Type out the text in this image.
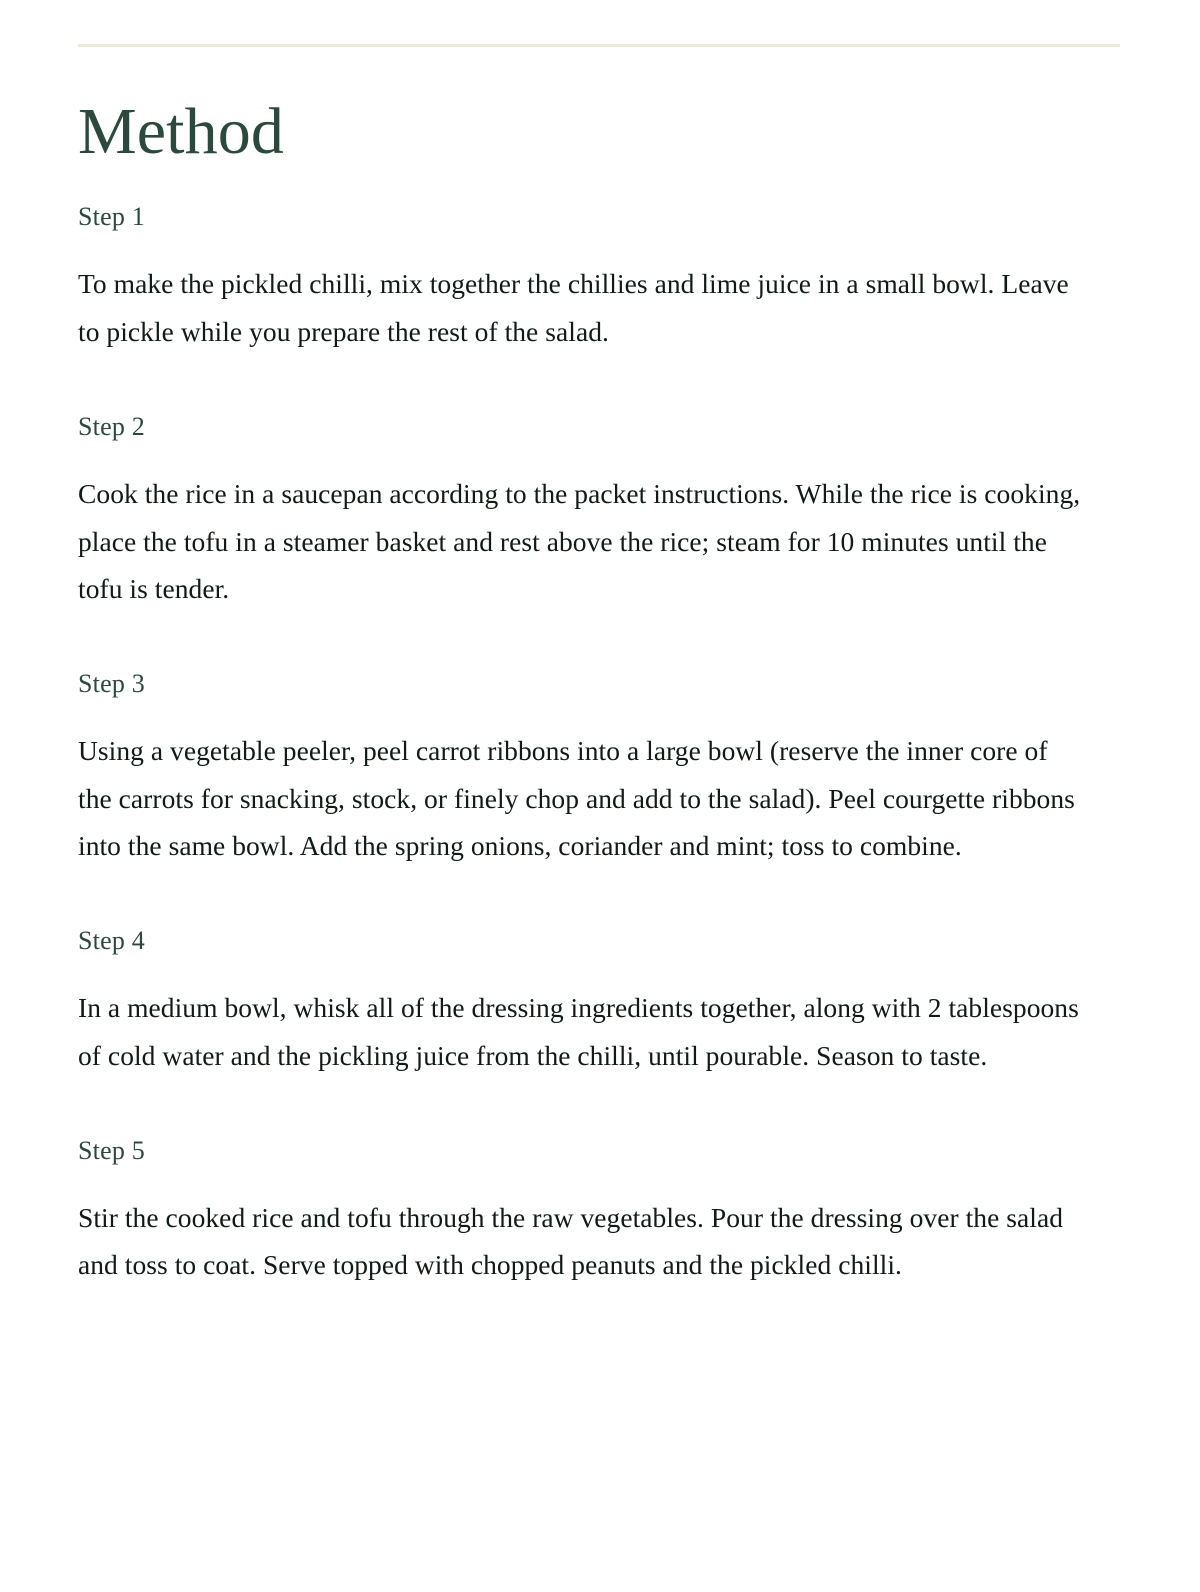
Method
Step 1

To make the pickled chilli, mix together the chillies and lime juice in a small bowl. Leave to pickle while you prepare the rest of the salad.

Step 2

Cook the rice in a saucepan according to the packet instructions. While the rice is cooking, place the tofu in a steamer basket and rest above the rice; steam for 10 minutes until the tofu is tender.

Step 3

Using a vegetable peeler, peel carrot ribbons into a large bowl (reserve the inner core of the carrots for snacking, stock, or finely chop and add to the salad). Peel courgette ribbons into the same bowl. Add the spring onions, coriander and mint; toss to combine.

Step 4

In a medium bowl, whisk all of the dressing ingredients together, along with 2 tablespoons of cold water and the pickling juice from the chilli, until pourable. Season to taste.

Step 5

Stir the cooked rice and tofu through the raw vegetables. Pour the dressing over the salad and toss to coat. Serve topped with chopped peanuts and the pickled chilli.
